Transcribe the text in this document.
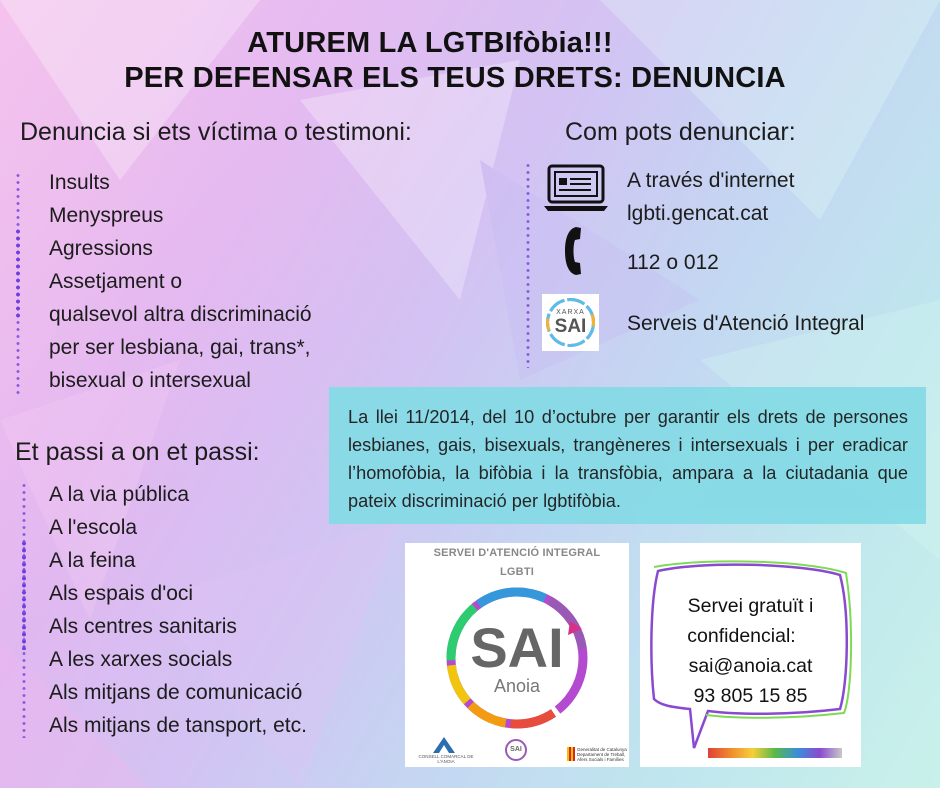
ATUREM LA LGTBIfòbia!!!
PER DEFENSAR ELS TEUS DRETS: DENUNCIA
Denuncia si ets víctima o testimoni:
Insults
Menyspreus
Agressions
Assetjament o
qualsevol altra discriminació
per ser lesbiana, gai, trans*,
bisexual o intersexual
Et passi a on et passi:
A la via pública
A l'escola
A la feina
Als espais d'oci
Als centres sanitaris
A les xarxes socials
Als mitjans de comunicació
Als mitjans de tansport, etc.
Com pots denunciar:
A través d'internet
lgbti.gencat.cat
112 o 012
XARXA
SAI	Serveis d'Atenció Integral
La llei 11/2014, del 10 d’octubre per garantir els drets de persones lesbianes, gais, bisexuals, trangèneres i intersexuals i per eradicar l’homofòbia, la bifòbia i la transfòbia, ampara a la ciutadania que pateix discriminació per lgbtifòbia.
SERVEI D'ATENCIÓ INTEGRAL
LGBTI
SAI
Anoia
CONSELL COMARCAL DE L'ANOIA
SAI	Generalitat de Catalunya Departament de Treball, Afers Socials i Famílies
Servei gratuït i
confidencial:
sai@anoia.cat
93 805 15 85
